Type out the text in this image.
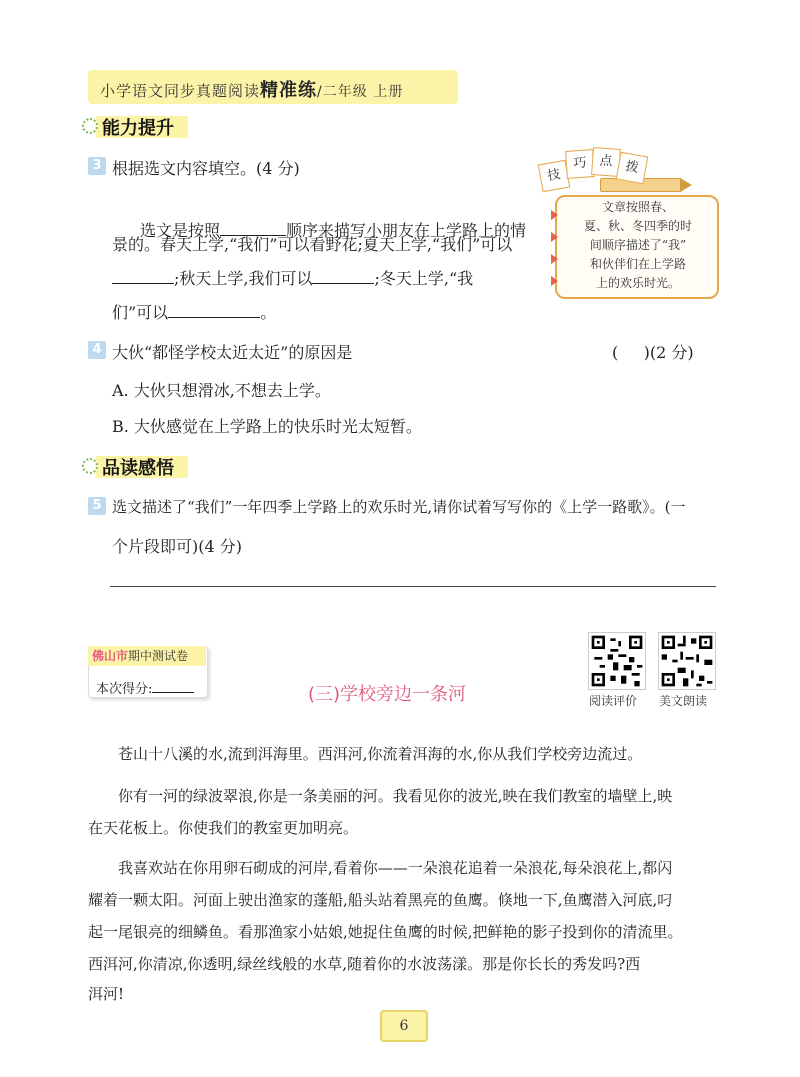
小学语文同步真题阅读精准练/二年级 上册
能力提升
3 根据选文内容填空。(4 分)
选文是按照	顺序来描写小朋友在上学路上的情
景的。春天上学,“我们”可以看野花;夏天上学,“我们”可以
;秋天上学,我们可以	;冬天上学,“我
们”可以	。
技
巧 点 拨
文章按照春、
夏、秋、冬四季的时
间顺序描述了“我”
和伙伴们在上学路
上的欢乐时光。
4 大伙“都怪学校太近太近”的原因是	(     )(2 分)
A. 大伙只想滑冰,不想去上学。
B. 大伙感觉在上学路上的快乐时光太短暂。
品读感悟
5 选文描述了“我们”一年四季上学路上的欢乐时光,请你试着写写你的《上学一路歌》。(一
个片段即可)(4 分)
佛山市期中测试卷
本次得分:	(三)学校旁边一条河	阅读评价 美文朗读
苍山十八溪的水,流到洱海里。西洱河,你流着洱海的水,你从我们学校旁边流过。
你有一河的绿波翠浪,你是一条美丽的河。我看见你的波光,映在我们教室的墙壁上,映
在天花板上。你使我们的教室更加明亮。
我喜欢站在你用卵石砌成的河岸,看着你——一朵浪花追着一朵浪花,每朵浪花上,都闪
耀着一颗太阳。河面上驶出渔家的蓬船,船头站着黑亮的鱼鹰。倏地一下,鱼鹰潜入河底,叼
起一尾银亮的细鳞鱼。看那渔家小姑娘,她捉住鱼鹰的时候,把鲜艳的影子投到你的清流里。
西洱河,你清凉,你透明,绿丝线般的水草,随着你的水波荡漾。那是你长长的秀发吗?西
洱河!
6
